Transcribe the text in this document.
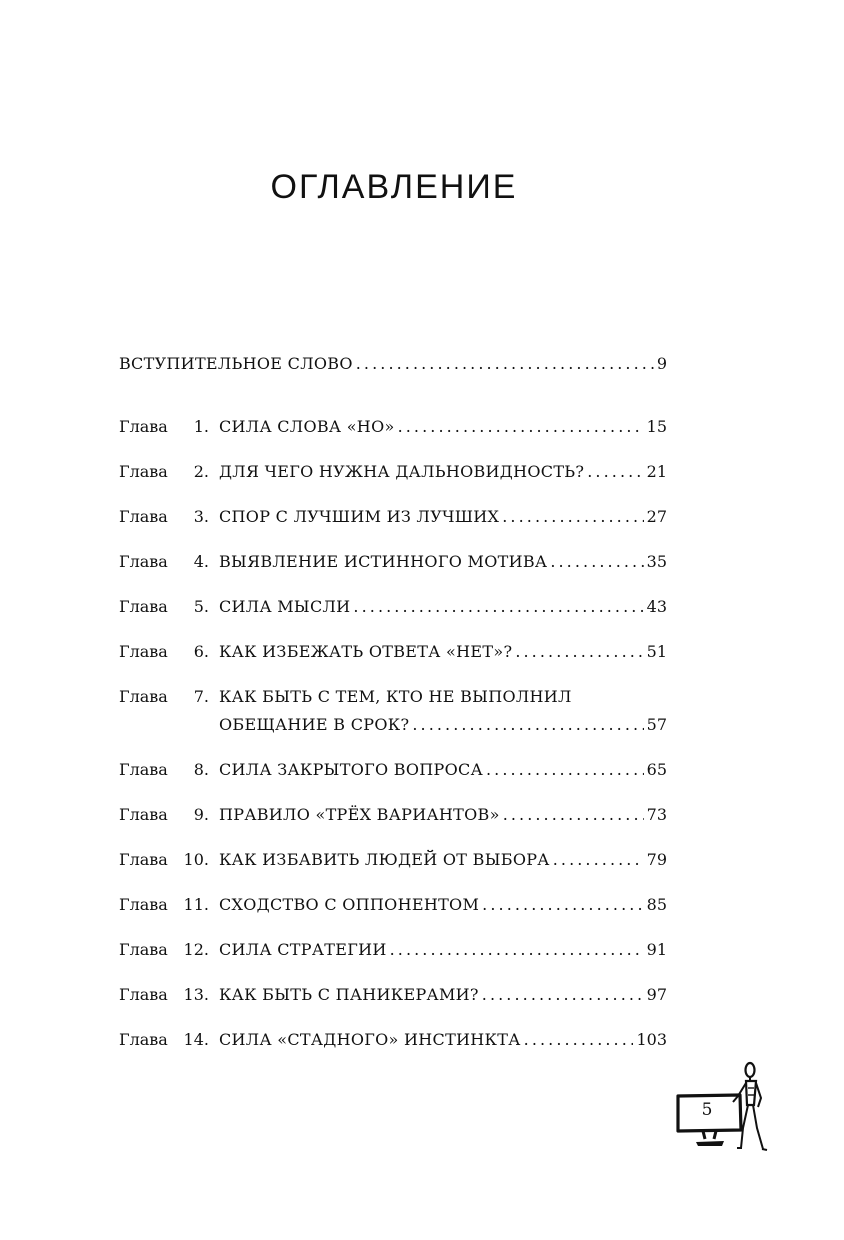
ОГЛАВЛЕНИЕ
ВСТУПИТЕЛЬНОЕ СЛОВО . . .	9
Глава	1. СИЛА СЛОВА «НО» . . .	15
Глава	2. ДЛЯ ЧЕГО НУЖНА ДАЛЬНОВИДНОСТЬ? . . .	21
Глава	3. СПОР С ЛУЧШИМ ИЗ ЛУЧШИХ . . .	27
Глава	4. ВЫЯВЛЕНИЕ ИСТИННОГО МОТИВА . . .	35
Глава	5. СИЛА МЫСЛИ . . .	43
Глава	6. КАК ИЗБЕЖАТЬ ОТВЕТА «НЕТ»? . . .	51
Глава	7. КАК БЫТЬ С ТЕМ, КТО НЕ ВЫПОЛНИЛ
ОБЕЩАНИЕ В СРОК? . . .	57
Глава	8. СИЛА ЗАКРЫТОГО ВОПРОСА . . .	65
Глава	9. ПРАВИЛО «ТРЁХ ВАРИАНТОВ» . . .	73
Глава 10. КАК ИЗБАВИТЬ ЛЮДЕЙ ОТ ВЫБОРА . . .	79
Глава 11. СХОДСТВО С ОППОНЕНТОМ . . .	85
Глава 12. СИЛА СТРАТЕГИИ . . .	91
Глава 13. КАК БЫТЬ С ПАНИКЕРАМИ? . . .	97
Глава 14. СИЛА «СТАДНОГО» ИНСТИНКТА . . .	103
5
